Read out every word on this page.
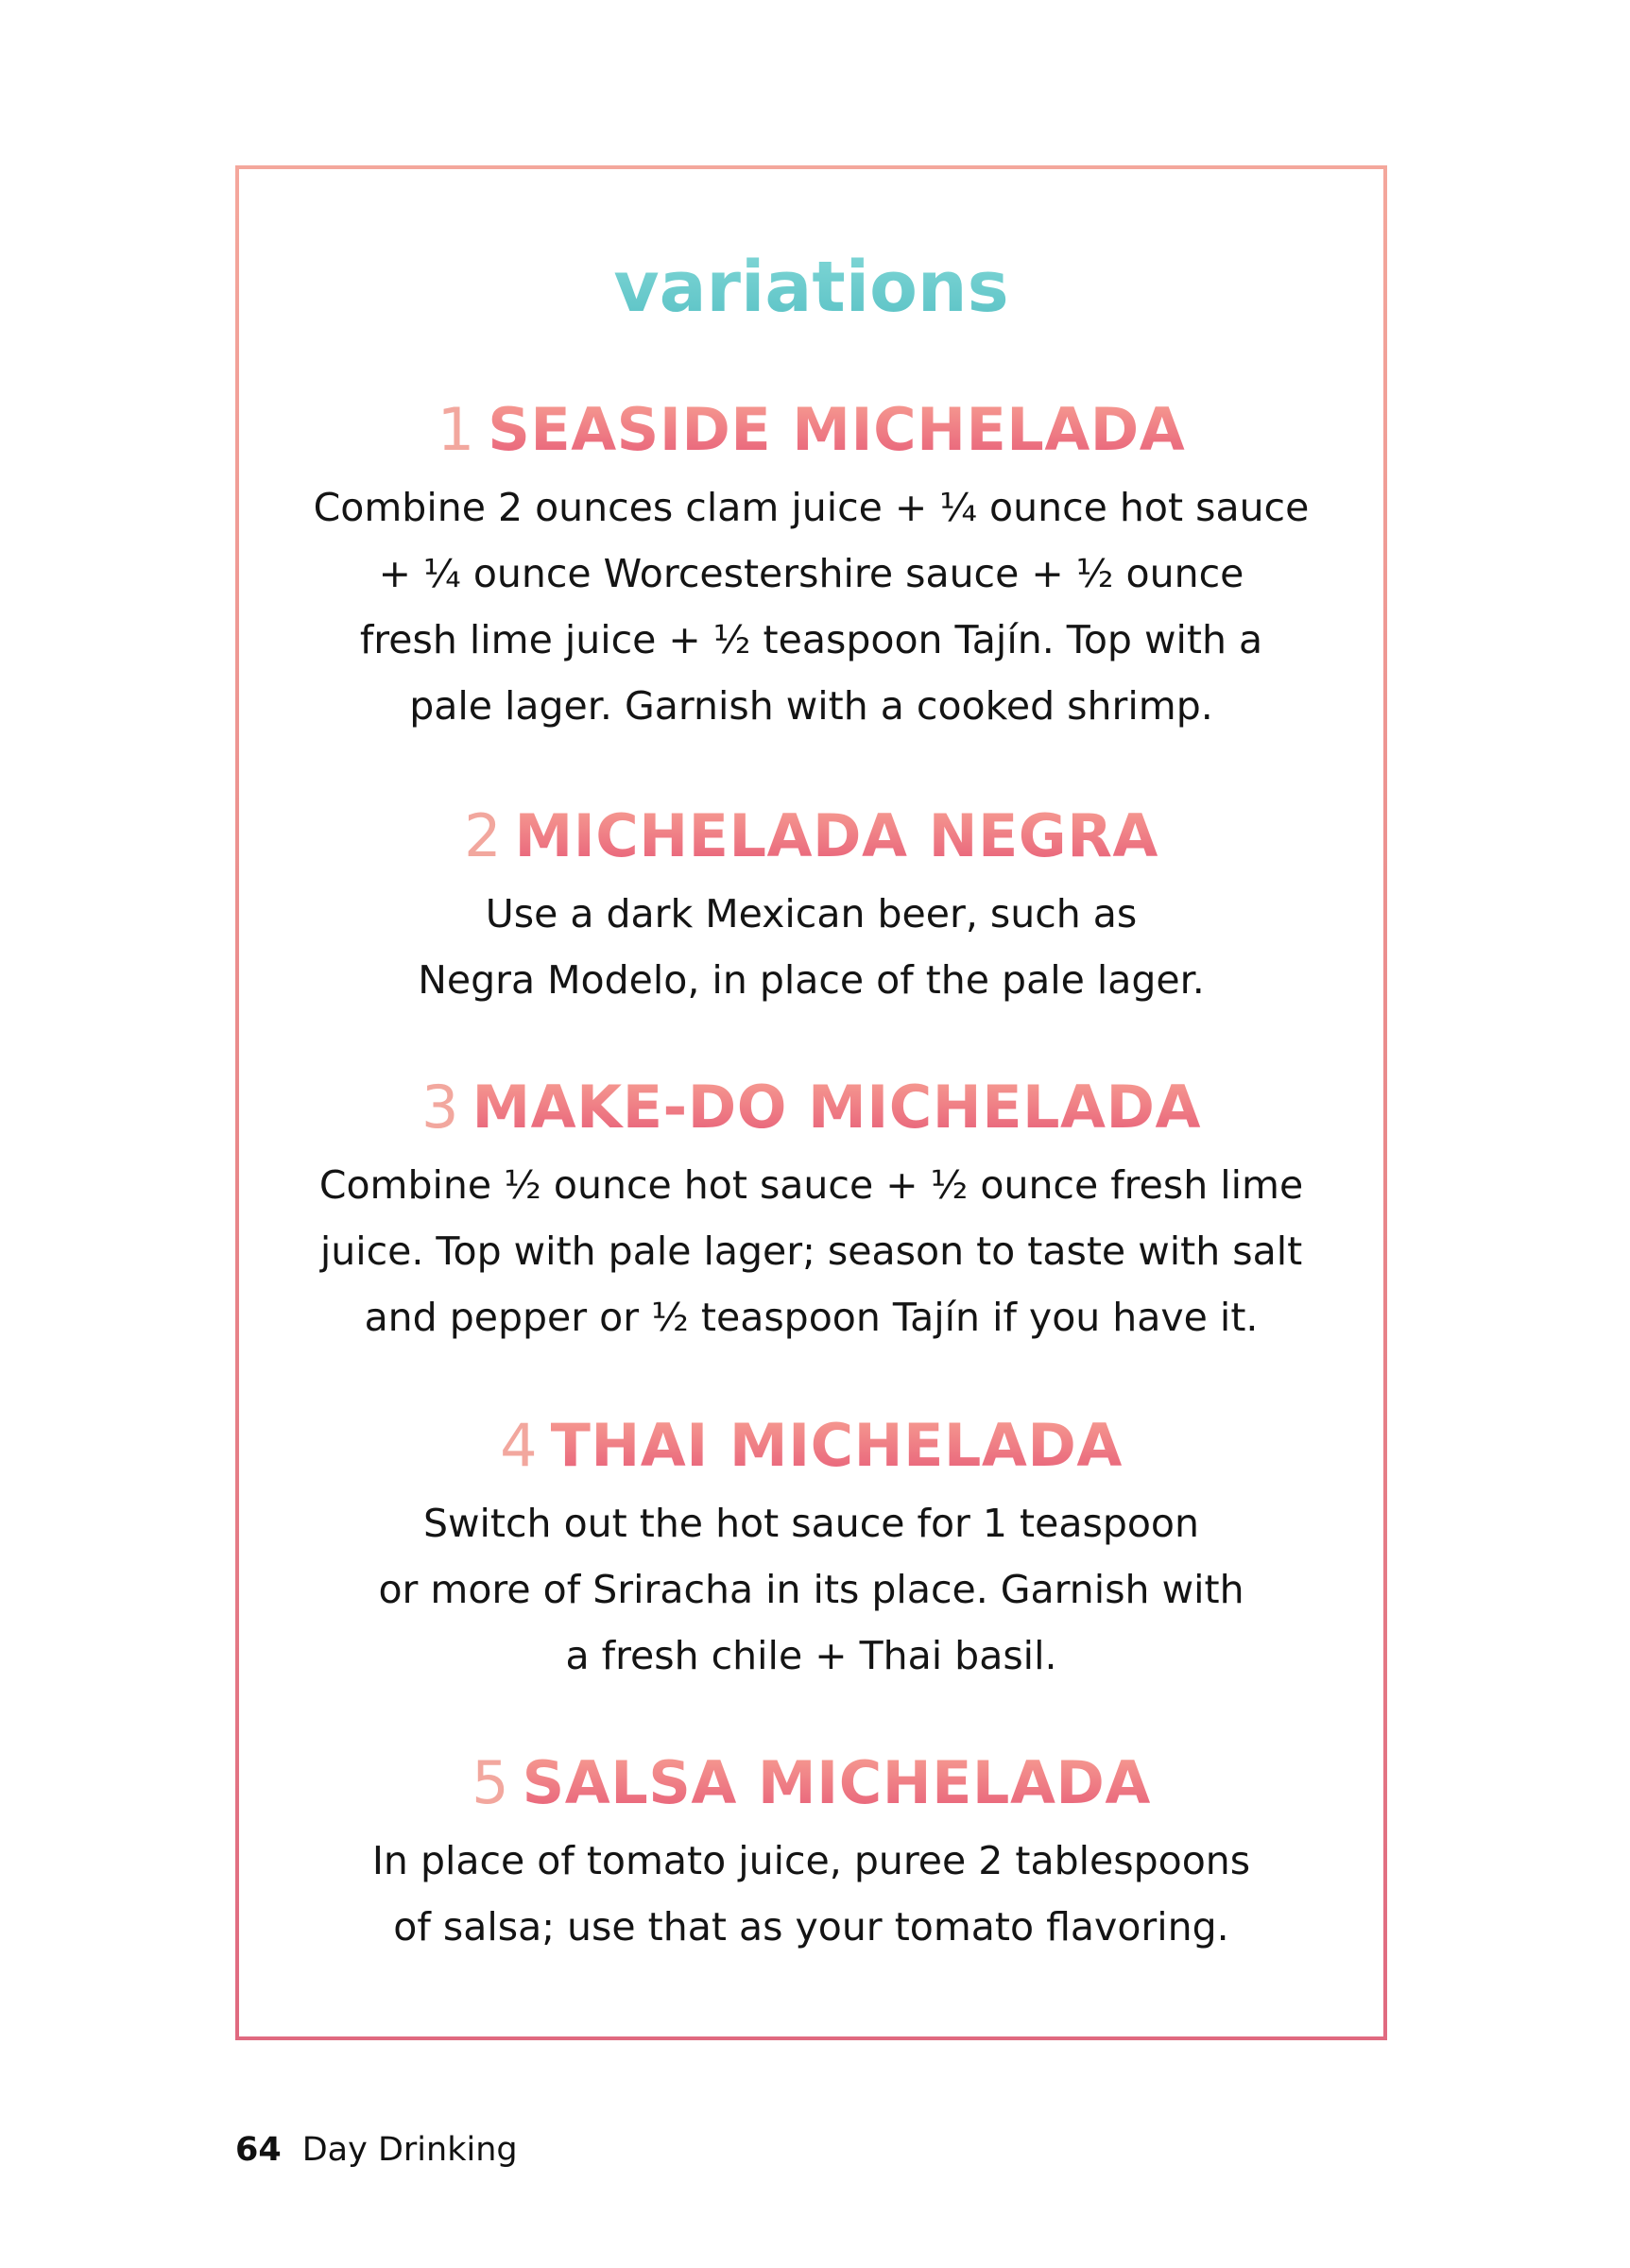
variations
1 SEASIDE MICHELADA
Combine 2 ounces clam juice + ¼ ounce hot sauce
+ ¼ ounce Worcestershire sauce + ½ ounce
fresh lime juice + ½ teaspoon Tajín. Top with a
pale lager. Garnish with a cooked shrimp.
2 MICHELADA NEGRA
Use a dark Mexican beer, such as
Negra Modelo, in place of the pale lager.
3 MAKE-DO MICHELADA
Combine ½ ounce hot sauce + ½ ounce fresh lime
juice. Top with pale lager; season to taste with salt
and pepper or ½ teaspoon Tajín if you have it.
4 THAI MICHELADA
Switch out the hot sauce for 1 teaspoon
or more of Sriracha in its place. Garnish with
a fresh chile + Thai basil.
5 SALSA MICHELADA
In place of tomato juice, puree 2 tablespoons
of salsa; use that as your tomato flavoring.
64 Day Drinking
